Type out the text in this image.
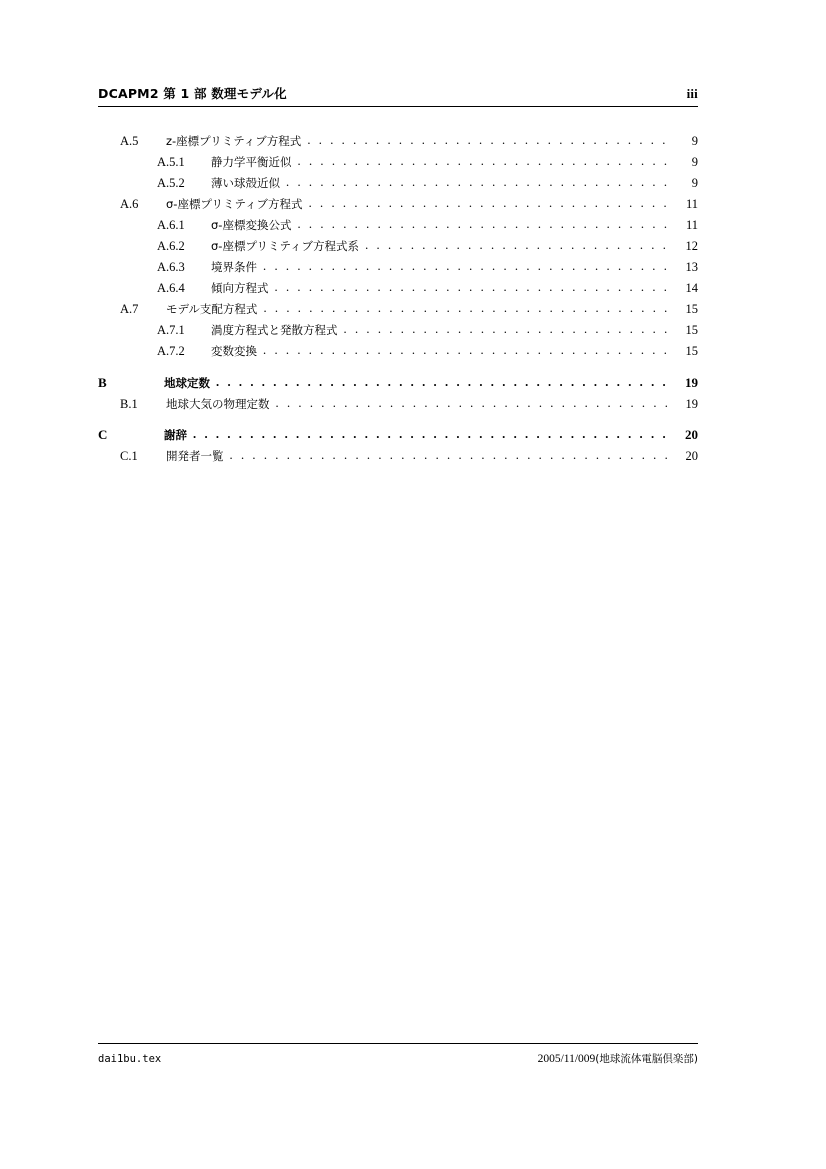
DCAPM2 第 1 部 数理モデル化	iii
A.5	z-座標プリミティブ方程式 . . .	9
A.5.1	静力学平衡近似 . . .	9
A.5.2	薄い球殻近似 . . .	9
A.6	σ-座標プリミティブ方程式 . . .	11
A.6.1	σ-座標変換公式 . . .	11
A.6.2	σ-座標プリミティブ方程式系 . . .	12
A.6.3	境界条件 . . .	13
A.6.4	傾向方程式 . . .	14
A.7	モデル支配方程式 . . .	15
A.7.1	渦度方程式と発散方程式 . . .	15
A.7.2	変数変換 . . .	15
B	地球定数 . . .	19
B.1	地球大気の物理定数 . . .	19
C	謝辞 . . .	20
C.1	開発者一覧 . . .	20
dai1bu.tex	2005/11/009(地球流体電脳倶楽部)
